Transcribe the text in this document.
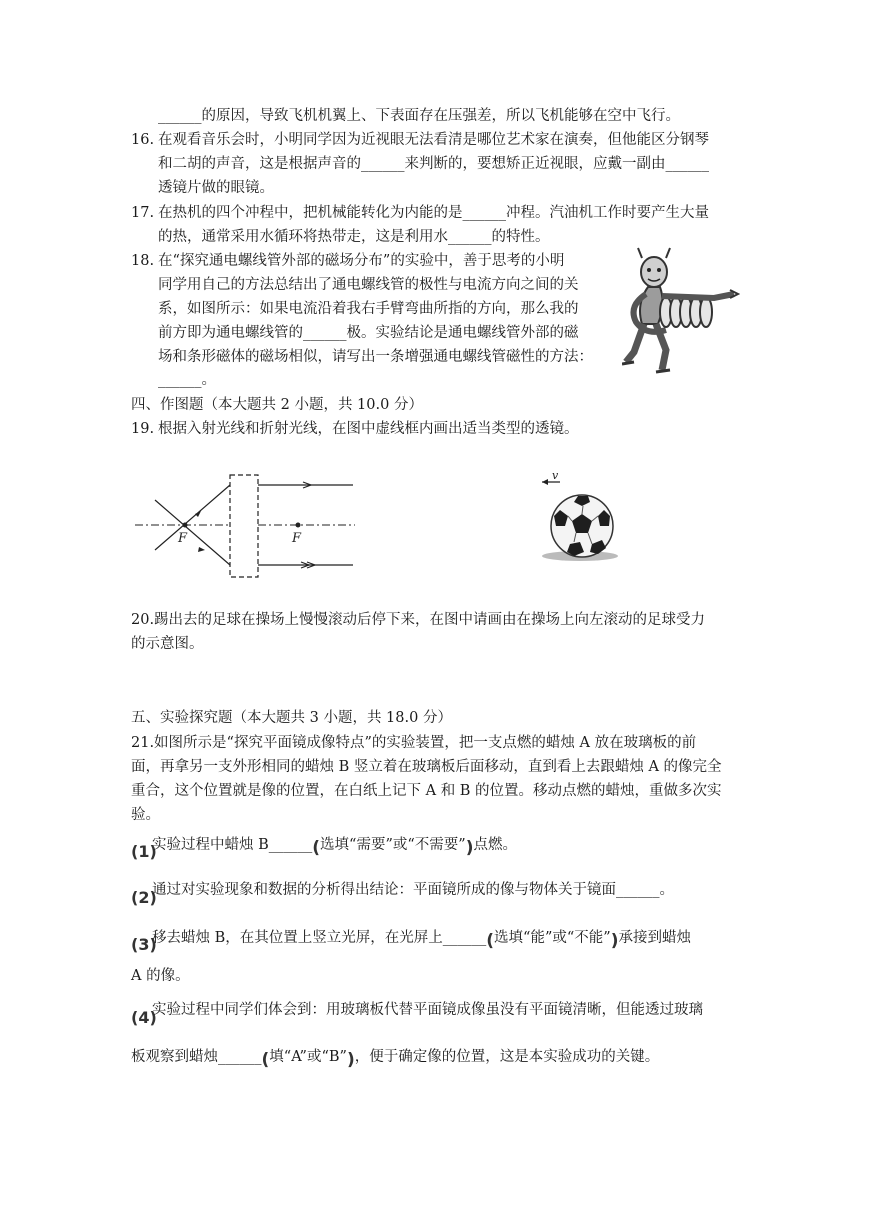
______的原因，导致飞机机翼上、下表面存在压强差，所以飞机能够在空中飞行。
16. 在观看音乐会时，小明同学因为近视眼无法看清是哪位艺术家在演奏，但他能区分钢琴
和二胡的声音，这是根据声音的______来判断的，要想矫正近视眼，应戴一副由______
透镜片做的眼镜。
17. 在热机的四个冲程中，把机械能转化为内能的是______冲程。汽油机工作时要产生大量
的热，通常采用水循环将热带走，这是利用水______的特性。
18. 在“探究通电螺线管外部的磁场分布”的实验中，善于思考的小明
同学用自己的方法总结出了通电螺线管的极性与电流方向之间的关
系，如图所示：如果电流沿着我右手臂弯曲所指的方向，那么我的
前方即为通电螺线管的______极。实验结论是通电螺线管外部的磁
场和条形磁体的磁场相似，请写出一条增强通电螺线管磁性的方法：
______。
四、作图题（本大题共 2 小题，共 10.0 分）
19. 根据入射光线和折射光线，在图中虚线框内画出适当类型的透镜。
F	F
v
20.踢出去的足球在操场上慢慢滚动后停下来，在图中请画由在操场上向左滚动的足球受力
的示意图。
五、实验探究题（本大题共 3 小题，共 18.0 分）
21.如图所示是“探究平面镜成像特点”的实验装置，把一支点燃的蜡烛 A 放在玻璃板的前
面，再拿另一支外形相同的蜡烛 B 竖立着在玻璃板后面移动，直到看上去跟蜡烛 A 的像完全
重合，这个位置就是像的位置，在白纸上记下 A 和 B 的位置。移动点燃的蜡烛，重做多次实
验。
(1)
实验过程中蜡烛 B______(选填“需要”或“不需要”)点燃。
(2)
通过对实验现象和数据的分析得出结论：平面镜所成的像与物体关于镜面______。
(3)
移去蜡烛 B，在其位置上竖立光屏，在光屏上______(选填“能”或“不能”)承接到蜡烛
A 的像。
(4)
实验过程中同学们体会到：用玻璃板代替平面镜成像虽没有平面镜清晰，但能透过玻璃
板观察到蜡烛______(填“A”或“B”)，便于确定像的位置，这是本实验成功的关键。
